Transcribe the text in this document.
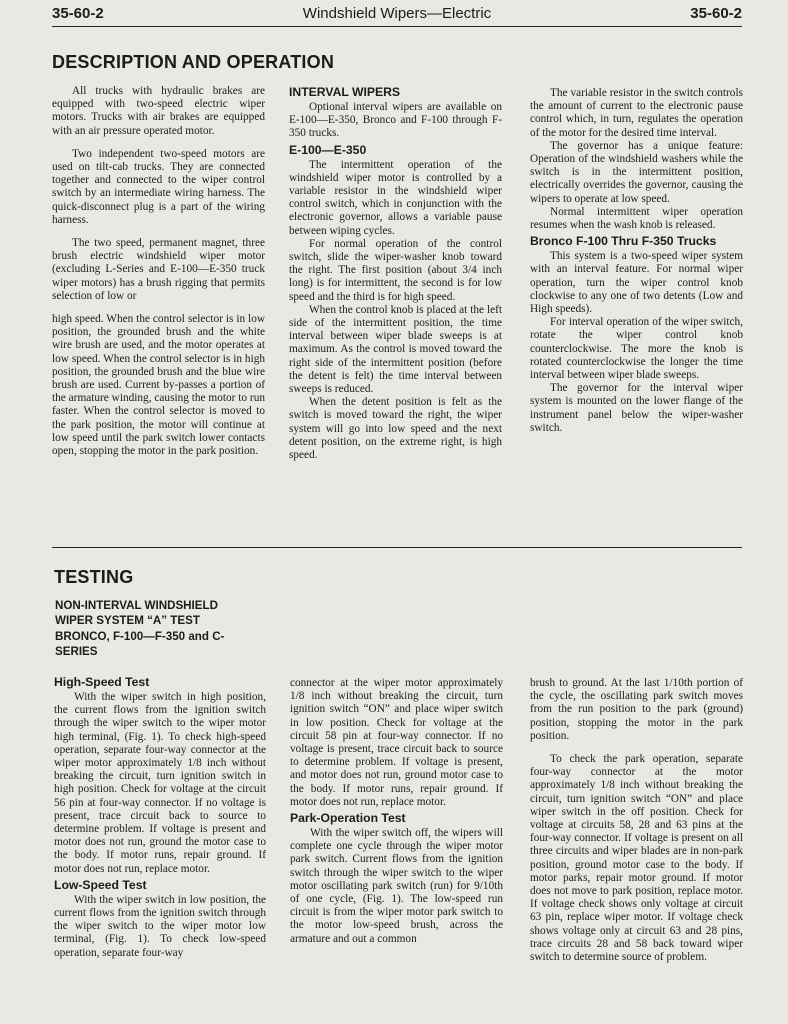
35-60-2	Windshield Wipers—Electric	35-60-2
DESCRIPTION AND OPERATION

All trucks with hydraulic brakes are equipped with two-speed electric wiper motors. Trucks with air brakes are equipped with an air pressure operated motor.

Two independent two-speed motors are used on tilt-cab trucks. They are connected together and connected to the wiper control switch by an intermediate wiring harness. The quick-disconnect plug is a part of the wiring harness.

The two speed, permanent magnet, three brush electric windshield wiper motor (excluding L-Series and E-100—E-350 truck wiper motors) has a brush rigging that permits selection of low or

high speed. When the control selector is in low position, the grounded brush and the white wire brush are used, and the motor operates at low speed. When the control selector is in high position, the grounded brush and the blue wire brush are used. Current by-passes a portion of the armature winding, causing the motor to run faster. When the control selector is moved to the park position, the motor will continue at low speed until the park switch lower contacts open, stopping the motor in the park position.

INTERVAL WIPERS

Optional interval wipers are available on E-100—E-350, Bronco and F-100 through F-350 trucks.

E-100—E-350

The intermittent operation of the windshield wiper motor is controlled by a variable resistor in the windshield wiper control switch, which in conjunction with the electronic governor, allows a variable pause between wiping cycles.

For normal operation of the control switch, slide the wiper-washer knob toward the right. The first position (about 3/4 inch long) is for intermittent, the second is for low speed and the third is for high speed.

When the control knob is placed at the left side of the intermittent position, the time interval between wiper blade sweeps is at maximum. As the control is moved toward the right side of the intermittent position (before the detent is felt) the time interval between sweeps is reduced.

When the detent position is felt as the switch is moved toward the right, the wiper system will go into low speed and the next detent position, on the extreme right, is high speed.

The variable resistor in the switch controls the amount of current to the electronic pause control which, in turn, regulates the operation of the motor for the desired time interval.

The governor has a unique feature: Operation of the windshield washers while the switch is in the intermittent position, electrically overrides the governor, causing the wipers to operate at low speed.

Normal intermittent wiper operation resumes when the wash knob is released.

Bronco F-100 Thru F-350 Trucks

This system is a two-speed wiper system with an interval feature. For normal wiper operation, turn the wiper control knob clockwise to any one of two detents (Low and High speeds).

For interval operation of the wiper switch, rotate the wiper control knob counterclockwise. The more the knob is rotated counterclockwise the longer the time interval between wiper blade sweeps.

The governor for the interval wiper system is mounted on the lower flange of the instrument panel below the wiper-washer switch.

TESTING
NON-INTERVAL WINDSHIELD WIPER SYSTEM “A” TEST BRONCO, F-100—F-350 and C-SERIES
High-Speed Test

With the wiper switch in high position, the current flows from the ignition switch through the wiper switch to the wiper motor high terminal, (Fig. 1). To check high-speed operation, separate four-way connector at the wiper motor approximately 1/8 inch without breaking the circuit, turn ignition switch in high position. Check for voltage at the circuit 56 pin at four-way connector. If no voltage is present, trace circuit back to source to determine problem. If voltage is present and motor does not run, ground the motor case to the body. If motor runs, repair ground. If motor does not run, replace motor.

Low-Speed Test

With the wiper switch in low position, the current flows from the ignition switch through the wiper switch to the wiper motor low terminal, (Fig. 1). To check low-speed operation, separate four-way

connector at the wiper motor approximately 1/8 inch without breaking the circuit, turn ignition switch “ON” and place wiper switch in low position. Check for voltage at the circuit 58 pin at four-way connector. If no voltage is present, trace circuit back to source to determine problem. If voltage is present, and motor does not run, ground motor case to the body. If motor runs, repair ground. If motor does not run, replace motor.

Park-Operation Test

With the wiper switch off, the wipers will complete one cycle through the wiper motor park switch. Current flows from the ignition switch through the wiper switch to the wiper motor oscillating park switch (run) for 9/10th of one cycle, (Fig. 1). The low-speed run circuit is from the wiper motor park switch to the motor low-speed brush, across the armature and out a common

brush to ground. At the last 1/10th portion of the cycle, the oscillating park switch moves from the run position to the park (ground) position, stopping the motor in the park position.

To check the park operation, separate four-way connector at the motor approximately 1/8 inch without breaking the circuit, turn ignition switch “ON” and place wiper switch in the off position. Check for voltage at circuits 58, 28 and 63 pins at the four-way connector. If voltage is present on all three circuits and wiper blades are in non-park position, ground motor case to the body. If motor parks, repair motor ground. If motor does not move to park position, replace motor. If voltage check shows only voltage at circuit 63 pin, replace wiper motor. If voltage check shows voltage only at circuit 63 and 28 pins, trace circuits 28 and 58 back toward wiper switch to determine source of problem.
